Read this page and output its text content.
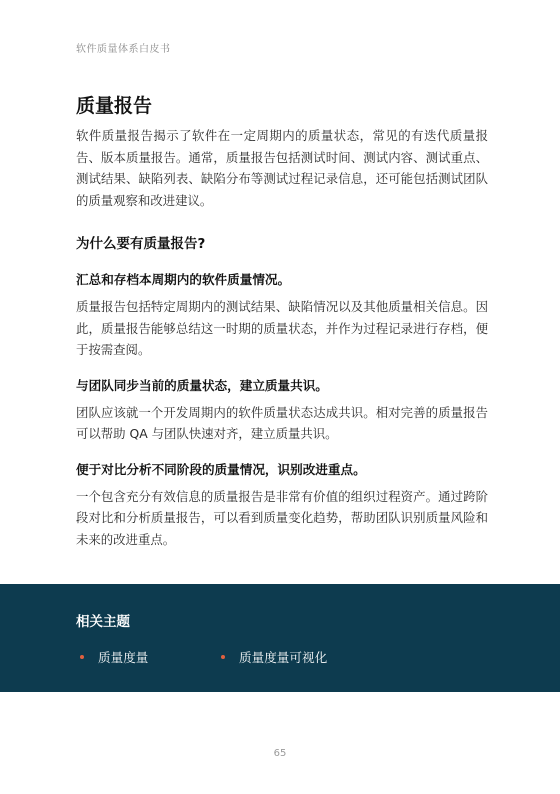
软件质量体系白皮书
质量报告

软件质量报告揭示了软件在一定周期内的质量状态，常见的有迭代质量报告、版本质量报告。通常，质量报告包括测试时间、测试内容、测试重点、测试结果、缺陷列表、缺陷分布等测试过程记录信息，还可能包括测试团队的质量观察和改进建议。

为什么要有质量报告?
汇总和存档本周期内的软件质量情况。

质量报告包括特定周期内的测试结果、缺陷情况以及其他质量相关信息。因此，质量报告能够总结这一时期的质量状态，并作为过程记录进行存档，便于按需查阅。

与团队同步当前的质量状态，建立质量共识。

团队应该就一个开发周期内的软件质量状态达成共识。相对完善的质量报告可以帮助 QA 与团队快速对齐，建立质量共识。

便于对比分析不同阶段的质量情况，识别改进重点。

一个包含充分有效信息的质量报告是非常有价值的组织过程资产。通过跨阶段对比和分析质量报告，可以看到质量变化趋势，帮助团队识别质量风险和未来的改进重点。

相关主题
质量度量	质量度量可视化
65
